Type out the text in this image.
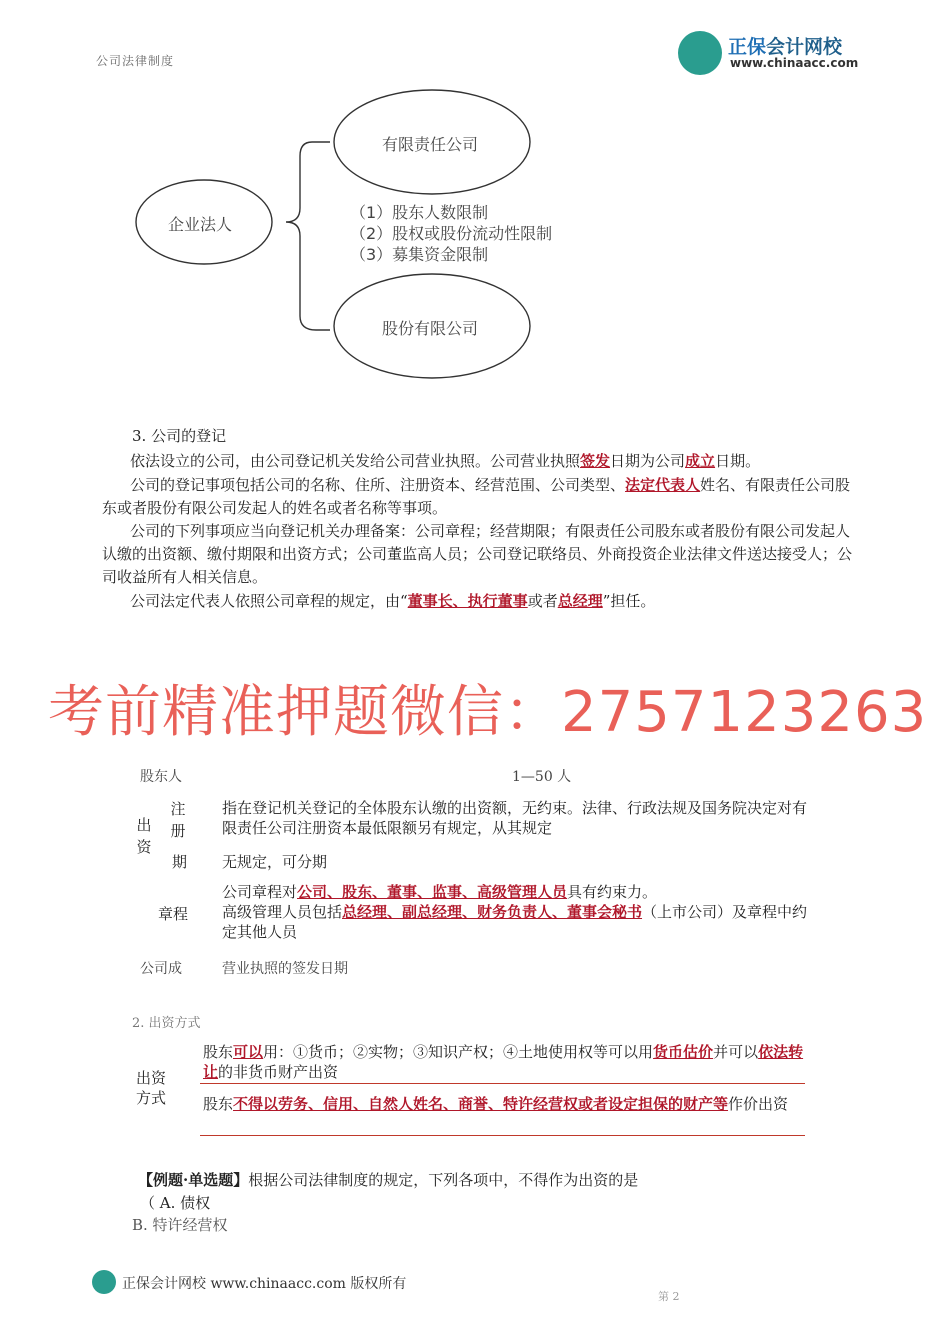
正保会计网校
www.chinaacc.com
公司法律制度
企业法人
有限责任公司
股份有限公司
（1）股东人数限制
（2）股权或股份流动性限制
（3）募集资金限制
3. 公司的登记
依法设立的公司，由公司登记机关发给公司营业执照。公司营业执照签发日期为公司成立日期。
公司的登记事项包括公司的名称、住所、注册资本、经营范围、公司类型、法定代表人姓名、有限责任公司股东或者股份有限公司发起人的姓名或者名称等事项。
公司的下列事项应当向登记机关办理备案：公司章程；经营期限；有限责任公司股东或者股份有限公司发起人认缴的出资额、缴付期限和出资方式；公司董监高人员；公司登记联络员、外商投资企业法律文件送达接受人；公司收益所有人相关信息。
公司法定代表人依照公司章程的规定，由“董事长、执行董事或者总经理”担任。
考前精准押题微信：2757123263
股东人	1—50 人
出资
注册
指在登记机关登记的全体股东认缴的出资额，无约束。法律、行政法规及国务院决定对有限责任公司注册资本最低限额另有规定，从其规定
期 无规定，可分期
章程
公司章程对公司、股东、董事、监事、高级管理人员具有约束力。
高级管理人员包括总经理、副总经理、财务负责人、董事会秘书（上市公司）及章程中约定其他人员
公司成	营业执照的签发日期
2. 出资方式
出资方式
股东可以用：①货币；②实物；③知识产权；④土地使用权等可以用货币估价并可以依法转让的非货币财产出资
股东不得以劳务、信用、自然人姓名、商誉、特许经营权或者设定担保的财产等作价出资
【例题·单选题】根据公司法律制度的规定，下列各项中，不得作为出资的是
（ A. 债权
B. 特许经营权
正保会计网校 www.chinaacc.com 版权所有
第 2
